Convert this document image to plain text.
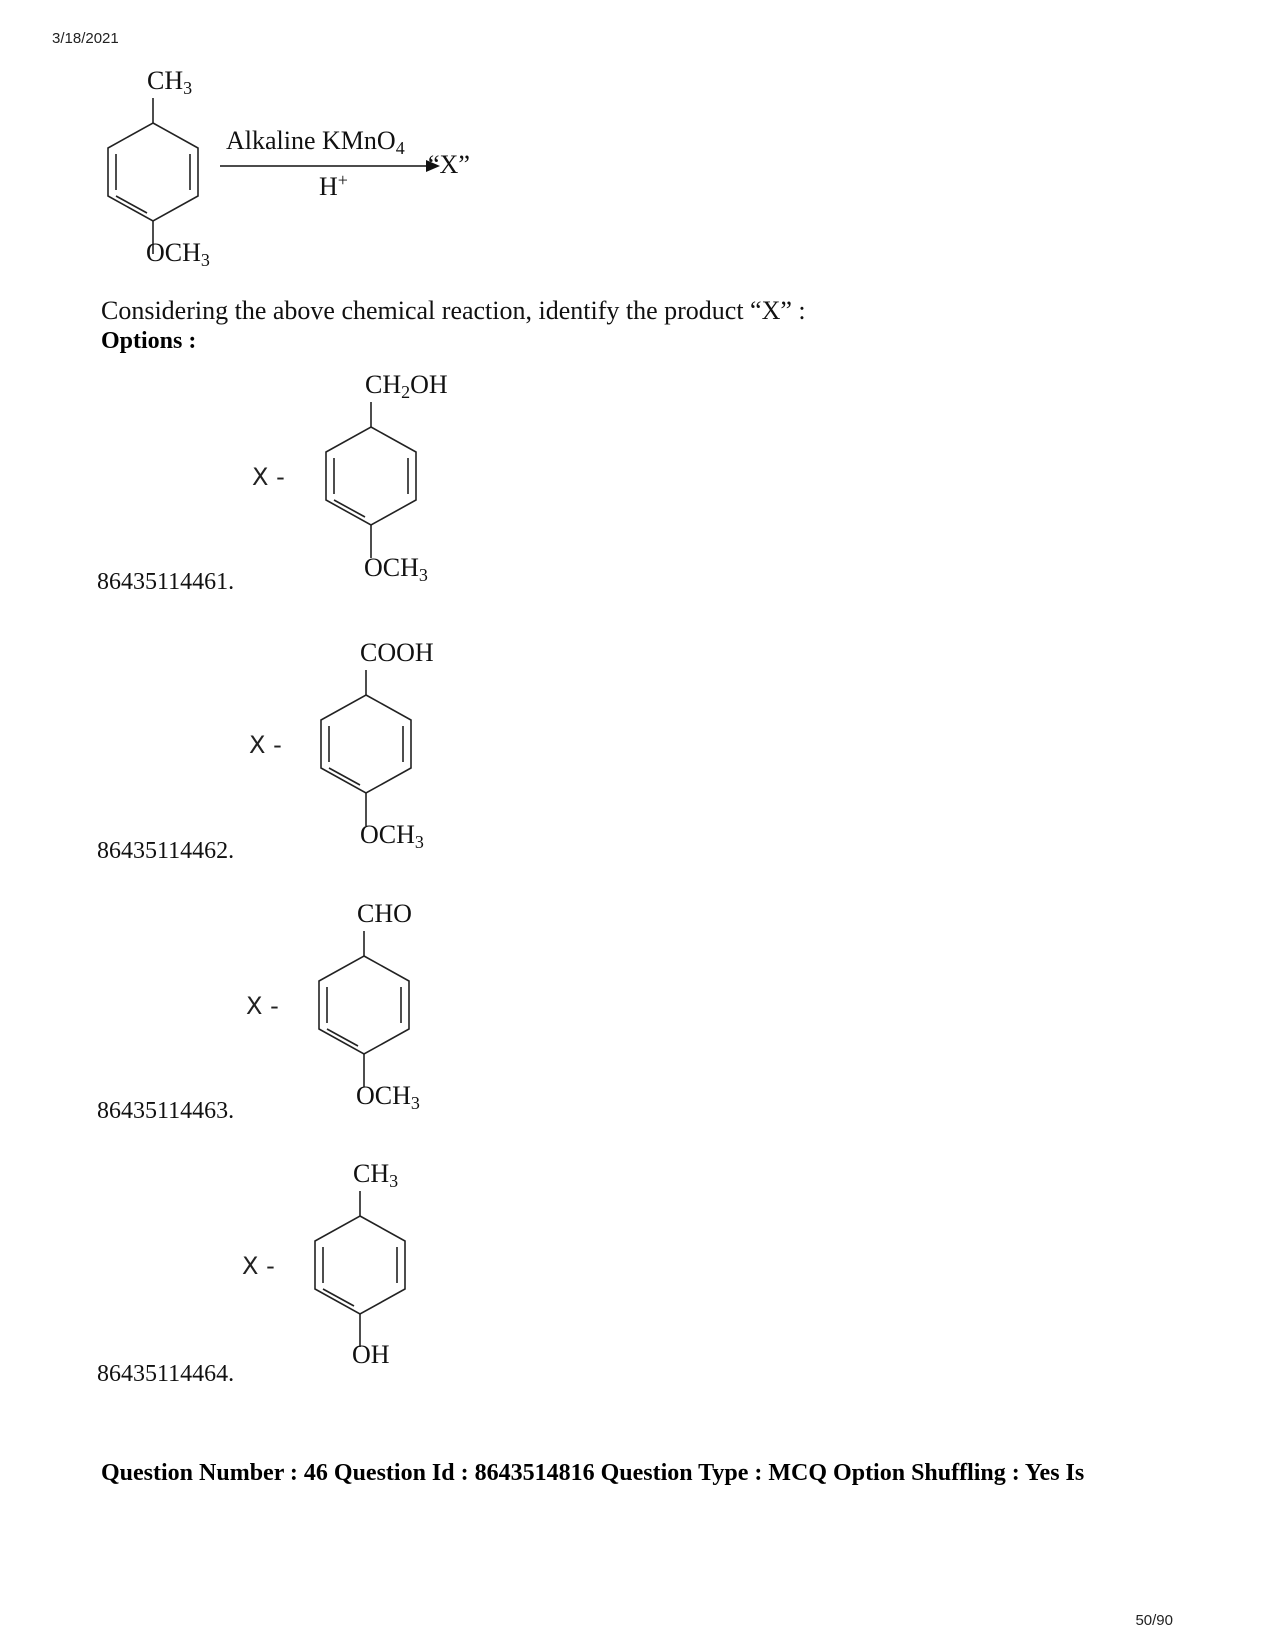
3/18/2021
$CH_3$
$OCH_3$
Alkaline KMnO$_4$
H+
“X”
Considering the above chemical reaction, identify the product “X” :
Options :
$CH_2OH$
X -
$OCH_3$
86435114461.
COOH
X -
$OCH_3$
86435114462.
CHO
X -
$OCH_3$
86435114463.
$CH_3$
X -
OH
86435114464.
Question Number : 46 Question Id : 8643514816 Question Type : MCQ Option Shuffling : Yes Is
50/90
